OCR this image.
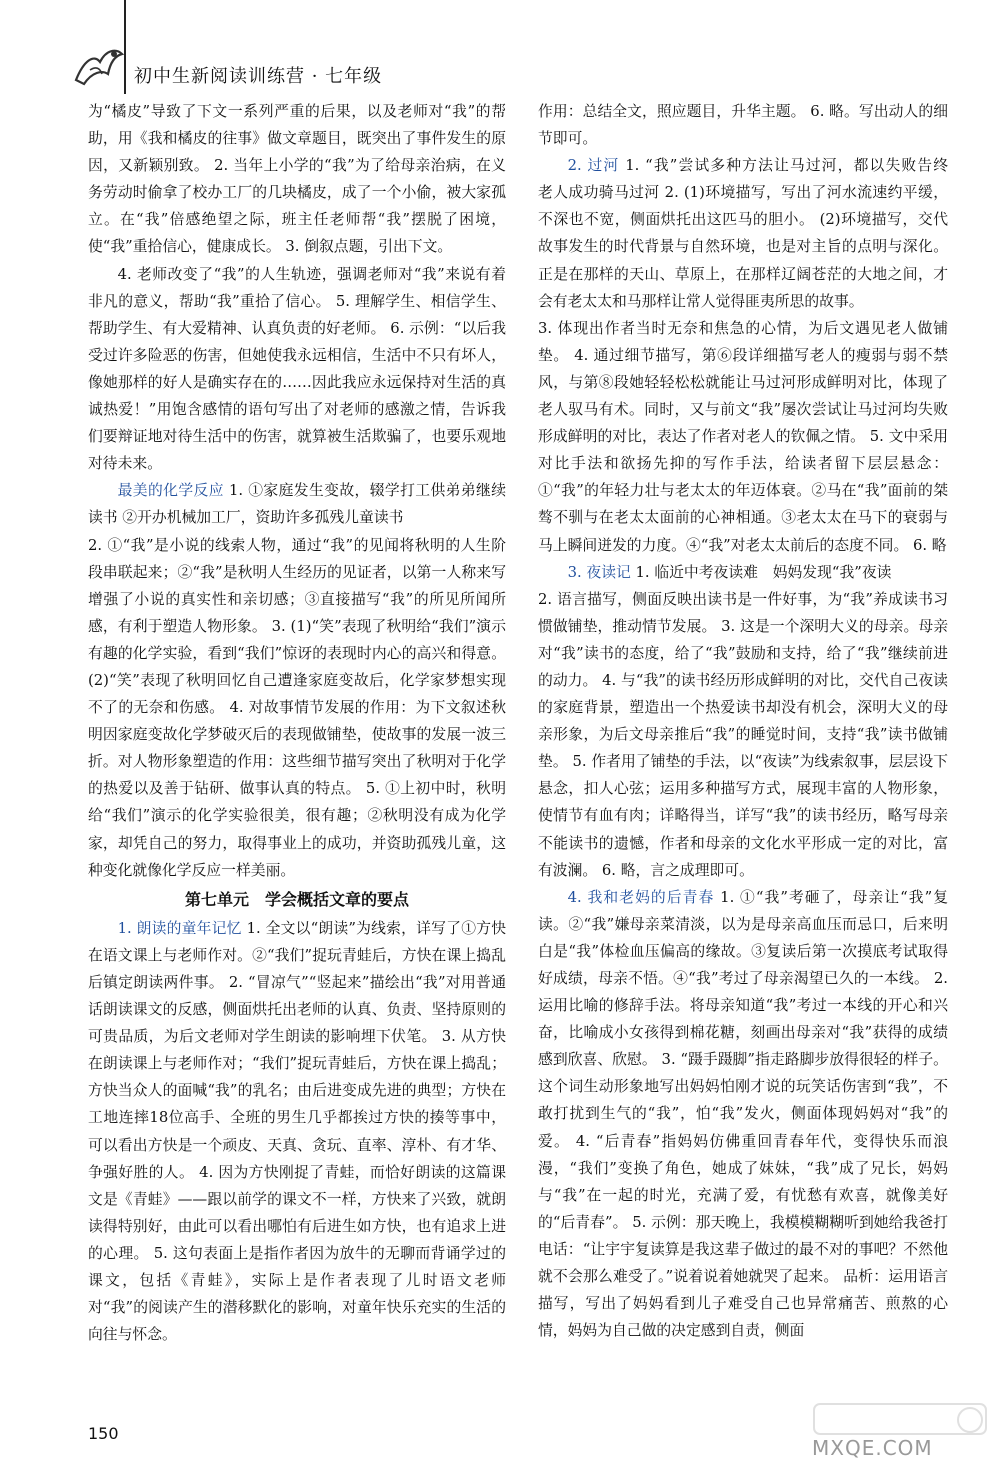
初中生新阅读训练营 · 七年级

为“橘皮”导致了下文一系列严重的后果，以及老师对“我”的帮助，用《我和橘皮的往事》做文章题目，既突出了事件发生的原因，又新颖别致。 2. 当年上小学的“我”为了给母亲治病，在义务劳动时偷拿了校办工厂的几块橘皮，成了一个小偷，被大家孤立。在“我”倍感绝望之际，班主任老师帮“我”摆脱了困境，使“我”重拾信心，健康成长。 3. 倒叙点题，引出下文。

4. 老师改变了“我”的人生轨迹，强调老师对“我”来说有着非凡的意义，帮助“我”重拾了信心。 5. 理解学生、相信学生、帮助学生、有大爱精神、认真负责的好老师。 6. 示例：“以后我受过许多险恶的伤害，但她使我永远相信，生活中不只有坏人，像她那样的好人是确实存在的……因此我应永远保持对生活的真诚热爱！”用饱含感情的语句写出了对老师的感激之情，告诉我们要辩证地对待生活中的伤害，就算被生活欺骗了，也要乐观地对待未来。

最美的化学反应 1. ①家庭发生变故，辍学打工供弟弟继续读书 ②开办机械加工厂，资助许多孤残儿童读书

2. ①“我”是小说的线索人物，通过“我”的见闻将秋明的人生阶段串联起来；②“我”是秋明人生经历的见证者，以第一人称来写增强了小说的真实性和亲切感；③直接描写“我”的所见所闻所感，有利于塑造人物形象。 3. (1)“笑”表现了秋明给“我们”演示有趣的化学实验，看到“我们”惊讶的表现时内心的高兴和得意。 (2)“笑”表现了秋明回忆自己遭逢家庭变故后，化学家梦想实现不了的无奈和伤感。 4. 对故事情节发展的作用：为下文叙述秋明因家庭变故化学梦破灭后的表现做铺垫，使故事的发展一波三折。对人物形象塑造的作用：这些细节描写突出了秋明对于化学的热爱以及善于钻研、做事认真的特点。 5. ①上初中时，秋明给“我们”演示的化学实验很美，很有趣；②秋明没有成为化学家，却凭自己的努力，取得事业上的成功，并资助孤残儿童，这种变化就像化学反应一样美丽。

第七单元　学会概括文章的要点

1. 朗读的童年记忆 1. 全文以“朗读”为线索，详写了①方快在语文课上与老师作对。②“我们”捉玩青蛙后，方快在课上捣乱后镇定朗读两件事。 2. “冒凉气”“竖起来”描绘出“我”对用普通话朗读课文的反感，侧面烘托出老师的认真、负责、坚持原则的可贵品质，为后文老师对学生朗读的影响埋下伏笔。 3. 从方快在朗读课上与老师作对；“我们”捉玩青蛙后，方快在课上捣乱；方快当众人的面喊“我”的乳名；由后进变成先进的典型；方快在工地连摔18位高手、全班的男生几乎都挨过方快的揍等事中，可以看出方快是一个顽皮、天真、贪玩、直率、淳朴、有才华、争强好胜的人。 4. 因为方快刚捉了青蛙，而恰好朗读的这篇课文是《青蛙》——跟以前学的课文不一样，方快来了兴致，就朗读得特别好，由此可以看出哪怕有后进生如方快，也有追求上进的心理。 5. 这句表面上是指作者因为放牛的无聊而背诵学过的课文，包括《青蛙》，实际上是作者表现了儿时语文老师对“我”的阅读产生的潜移默化的影响，对童年快乐充实的生活的向往与怀念。

作用：总结全文，照应题目，升华主题。 6. 略。写出动人的细节即可。

2. 过河 1. “我”尝试多种方法让马过河，都以失败告终　老人成功骑马过河 2. (1)环境描写，写出了河水流速约平缓，不深也不宽，侧面烘托出这匹马的胆小。 (2)环境描写，交代故事发生的时代背景与自然环境，也是对主旨的点明与深化。正是在那样的天山、草原上，在那样辽阔苍茫的大地之间，才会有老太太和马那样让常人觉得匪夷所思的故事。

3. 体现出作者当时无奈和焦急的心情，为后文遇见老人做铺垫。 4. 通过细节描写，第⑥段详细描写老人的瘦弱与弱不禁风，与第⑧段她轻轻松松就能让马过河形成鲜明对比，体现了老人驭马有术。同时，又与前文“我”屡次尝试让马过河均失败形成鲜明的对比，表达了作者对老人的钦佩之情。 5. 文中采用对比手法和欲扬先抑的写作手法，给读者留下层层悬念：①“我”的年轻力壮与老太太的年迈体衰。②马在“我”面前的桀骜不驯与在老太太面前的心神相通。③老太太在马下的衰弱与马上瞬间迸发的力度。④“我”对老太太前后的态度不同。 6. 略

3. 夜读记 1. 临近中考夜读难　妈妈发现“我”夜读

2. 语言描写，侧面反映出读书是一件好事，为“我”养成读书习惯做铺垫，推动情节发展。 3. 这是一个深明大义的母亲。母亲对“我”读书的态度，给了“我”鼓励和支持，给了“我”继续前进的动力。 4. 与“我”的读书经历形成鲜明的对比，交代自己夜读的家庭背景，塑造出一个热爱读书却没有机会，深明大义的母亲形象，为后文母亲推后“我”的睡觉时间，支持“我”读书做铺垫。 5. 作者用了铺垫的手法，以“夜读”为线索叙事，层层设下悬念，扣人心弦；运用多种描写方式，展现丰富的人物形象，使情节有血有肉；详略得当，详写“我”的读书经历，略写母亲不能读书的遗憾，作者和母亲的文化水平形成一定的对比，富有波澜。 6. 略，言之成理即可。

4. 我和老妈的后青春 1. ①“我”考砸了，母亲让“我”复读。②“我”嫌母亲菜清淡，以为是母亲高血压而忌口，后来明白是“我”体检血压偏高的缘故。③复读后第一次摸底考试取得好成绩，母亲不悟。④“我”考过了母亲渴望已久的一本线。 2. 运用比喻的修辞手法。将母亲知道“我”考过一本线的开心和兴奋，比喻成小女孩得到棉花糖，刻画出母亲对“我”获得的成绩感到欣喜、欣慰。 3. “蹑手蹑脚”指走路脚步放得很轻的样子。这个词生动形象地写出妈妈怕刚才说的玩笑话伤害到“我”，不敢打扰到生气的“我”，怕“我”发火，侧面体现妈妈对“我”的爱。 4. “后青春”指妈妈仿佛重回青春年代，变得快乐而浪漫，“我们”变换了角色，她成了妹妹，“我”成了兄长，妈妈与“我”在一起的时光，充满了爱，有忧愁有欢喜，就像美好的“后青春”。 5. 示例：那天晚上，我模模糊糊听到她给我爸打电话：“让宇宇复读算是我这辈子做过的最不对的事吧？不然他就不会那么难受了。”说着说着她就哭了起来。 品析：运用语言描写，写出了妈妈看到儿子难受自己也异常痛苦、煎熬的心情，妈妈为自己做的决定感到自责，侧面

150
MXQE.COM
